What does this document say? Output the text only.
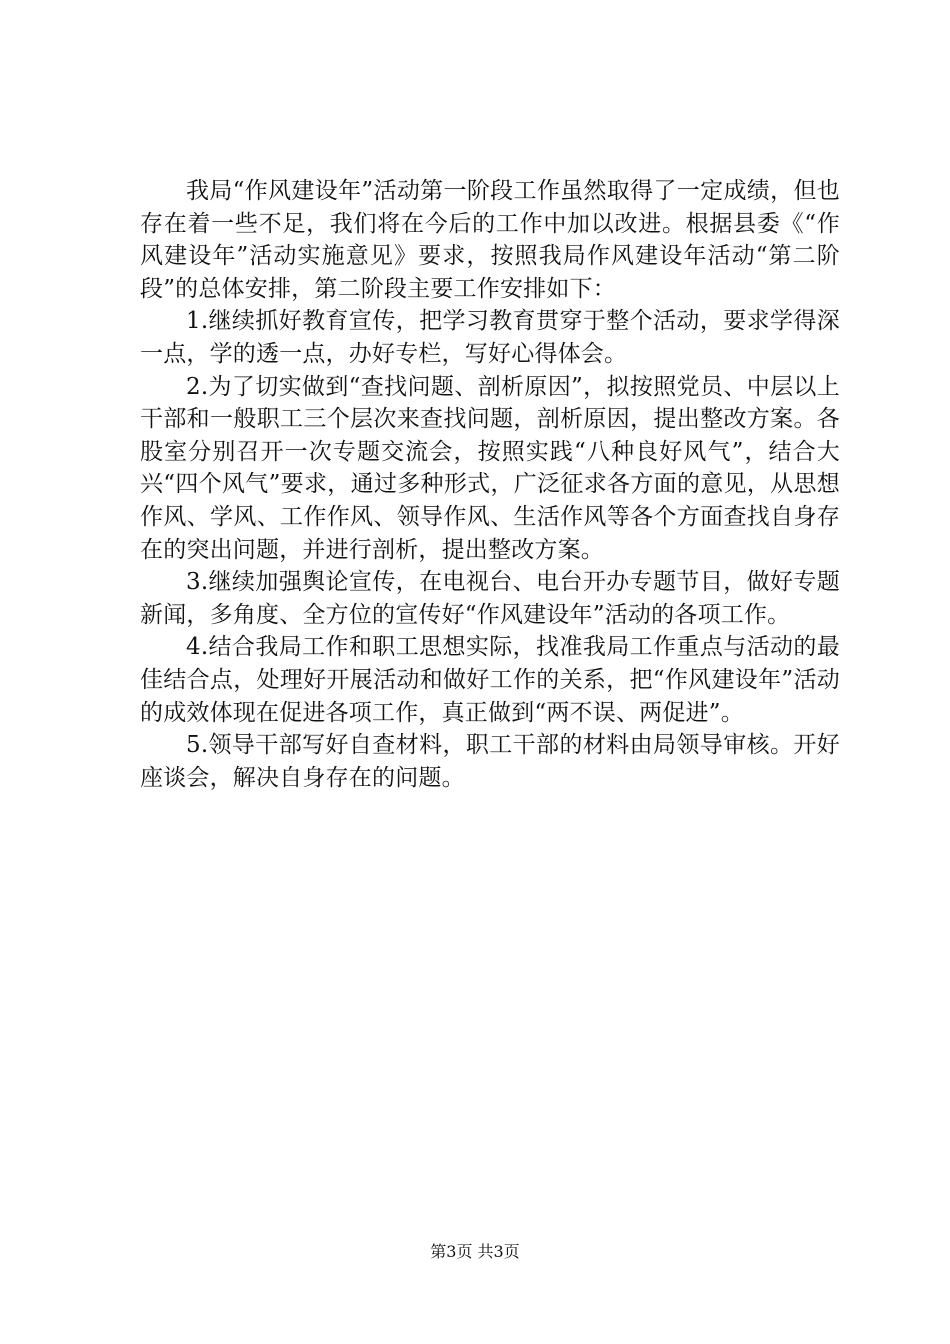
我局“作风建设年”活动第一阶段工作虽然取得了一定成绩，但也存在着一些不足，我们将在今后的工作中加以改进。根据县委《“作风建设年”活动实施意见》要求，按照我局作风建设年活动“第二阶段”的总体安排，第二阶段主要工作安排如下：

1.继续抓好教育宣传，把学习教育贯穿于整个活动，要求学得深一点，学的透一点，办好专栏，写好心得体会。

2.为了切实做到“查找问题、剖析原因”，拟按照党员、中层以上干部和一般职工三个层次来查找问题，剖析原因，提出整改方案。各股室分别召开一次专题交流会，按照实践“八种良好风气”，结合大兴“四个风气”要求，通过多种形式，广泛征求各方面的意见，从思想作风、学风、工作作风、领导作风、生活作风等各个方面查找自身存在的突出问题，并进行剖析，提出整改方案。

3.继续加强舆论宣传，在电视台、电台开办专题节目，做好专题新闻，多角度、全方位的宣传好“作风建设年”活动的各项工作。

4.结合我局工作和职工思想实际，找准我局工作重点与活动的最佳结合点，处理好开展活动和做好工作的关系，把“作风建设年”活动的成效体现在促进各项工作，真正做到“两不误、两促进”。

5.领导干部写好自查材料，职工干部的材料由局领导审核。开好座谈会，解决自身存在的问题。

第3页 共3页
